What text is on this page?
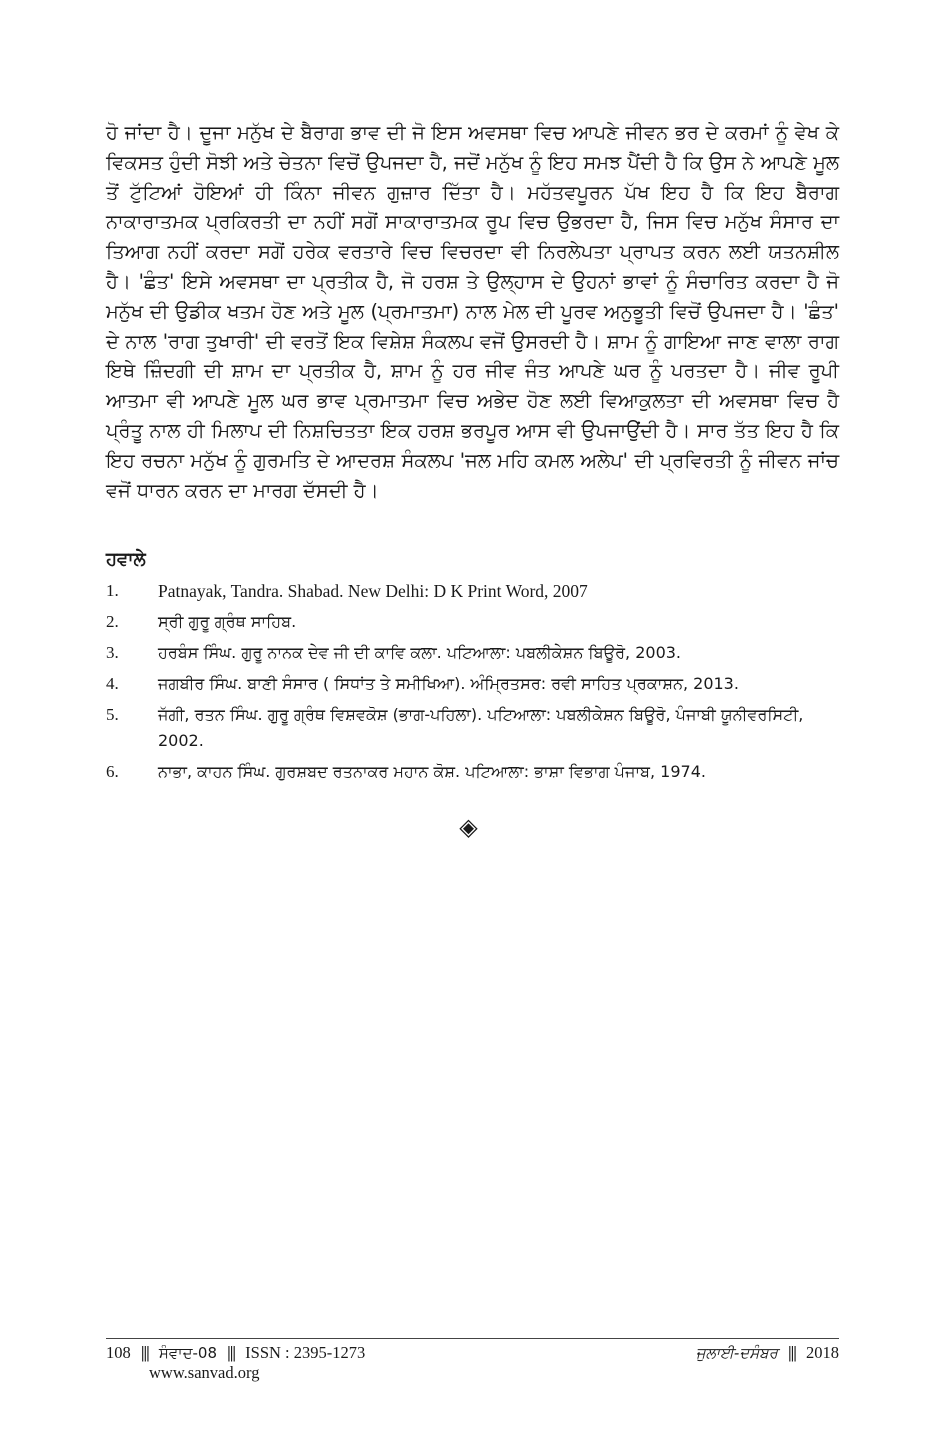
ਹੋ ਜਾਂਦਾ ਹੈ। ਦੂਜਾ ਮਨੁੱਖ ਦੇ ਬੈਰਾਗ ਭਾਵ ਦੀ ਜੋ ਇਸ ਅਵਸਥਾ ਵਿਚ ਆਪਣੇ ਜੀਵਨ ਭਰ ਦੇ ਕਰਮਾਂ ਨੂੰ ਵੇਖ ਕੇ ਵਿਕਸਤ ਹੁੰਦੀ ਸੋਝੀ ਅਤੇ ਚੇਤਨਾ ਵਿਚੋਂ ਉਪਜਦਾ ਹੈ, ਜਦੋਂ ਮਨੁੱਖ ਨੂੰ ਇਹ ਸਮਝ ਪੈਂਦੀ ਹੈ ਕਿ ਉਸ ਨੇ ਆਪਣੇ ਮੂਲ ਤੋਂ ਟੁੱਟਿਆਂ ਹੋਇਆਂ ਹੀ ਕਿੰਨਾ ਜੀਵਨ ਗੁਜ਼ਾਰ ਦਿੱਤਾ ਹੈ। ਮਹੱਤਵਪੂਰਨ ਪੱਖ ਇਹ ਹੈ ਕਿ ਇਹ ਬੈਰਾਗ ਨਾਕਾਰਾਤਮਕ ਪ੍ਰਕਿਰਤੀ ਦਾ ਨਹੀਂ ਸਗੋਂ ਸਾਕਾਰਾਤਮਕ ਰੂਪ ਵਿਚ ਉਭਰਦਾ ਹੈ, ਜਿਸ ਵਿਚ ਮਨੁੱਖ ਸੰਸਾਰ ਦਾ ਤਿਆਗ ਨਹੀਂ ਕਰਦਾ ਸਗੋਂ ਹਰੇਕ ਵਰਤਾਰੇ ਵਿਚ ਵਿਚਰਦਾ ਵੀ ਨਿਰਲੇਪਤਾ ਪ੍ਰਾਪਤ ਕਰਨ ਲਈ ਯਤਨਸ਼ੀਲ ਹੈ। 'ਛੰਤ' ਇਸੇ ਅਵਸਥਾ ਦਾ ਪ੍ਰਤੀਕ ਹੈ, ਜੋ ਹਰਸ਼ ਤੇ ਉਲ੍ਹਾਸ ਦੇ ਉਹਨਾਂ ਭਾਵਾਂ ਨੂੰ ਸੰਚਾਰਿਤ ਕਰਦਾ ਹੈ ਜੋ ਮਨੁੱਖ ਦੀ ਉਡੀਕ ਖਤਮ ਹੋਣ ਅਤੇ ਮੂਲ (ਪ੍ਰਮਾਤਮਾ) ਨਾਲ ਮੇਲ ਦੀ ਪੂਰਵ ਅਨੁਭੂਤੀ ਵਿਚੋਂ ਉਪਜਦਾ ਹੈ। 'ਛੰਤ' ਦੇ ਨਾਲ 'ਰਾਗ ਤੁਖਾਰੀ' ਦੀ ਵਰਤੋਂ ਇਕ ਵਿਸ਼ੇਸ਼ ਸੰਕਲਪ ਵਜੋਂ ਉਸਰਦੀ ਹੈ। ਸ਼ਾਮ ਨੂੰ ਗਾਇਆ ਜਾਣ ਵਾਲਾ ਰਾਗ ਇਥੇ ਜ਼ਿੰਦਗੀ ਦੀ ਸ਼ਾਮ ਦਾ ਪ੍ਰਤੀਕ ਹੈ, ਸ਼ਾਮ ਨੂੰ ਹਰ ਜੀਵ ਜੰਤ ਆਪਣੇ ਘਰ ਨੂੰ ਪਰਤਦਾ ਹੈ। ਜੀਵ ਰੂਪੀ ਆਤਮਾ ਵੀ ਆਪਣੇ ਮੂਲ ਘਰ ਭਾਵ ਪ੍ਰਮਾਤਮਾ ਵਿਚ ਅਭੇਦ ਹੋਣ ਲਈ ਵਿਆਕੁਲਤਾ ਦੀ ਅਵਸਥਾ ਵਿਚ ਹੈ ਪ੍ਰੰਤੂ ਨਾਲ ਹੀ ਮਿਲਾਪ ਦੀ ਨਿਸ਼ਚਿਤਤਾ ਇਕ ਹਰਸ਼ ਭਰਪੂਰ ਆਸ ਵੀ ਉਪਜਾਉਂਦੀ ਹੈ। ਸਾਰ ਤੱਤ ਇਹ ਹੈ ਕਿ ਇਹ ਰਚਨਾ ਮਨੁੱਖ ਨੂੰ ਗੁਰਮਤਿ ਦੇ ਆਦਰਸ਼ ਸੰਕਲਪ 'ਜਲ ਮਹਿ ਕਮਲ ਅਲੇਪ' ਦੀ ਪ੍ਰਵਿਰਤੀ ਨੂੰ ਜੀਵਨ ਜਾਂਚ ਵਜੋਂ ਧਾਰਨ ਕਰਨ ਦਾ ਮਾਰਗ ਦੱਸਦੀ ਹੈ।

ਹਵਾਲੇ
1.	Patnayak, Tandra. Shabad. New Delhi: D K Print Word, 2007
2.	ਸ੍ਰੀ ਗੁਰੂ ਗ੍ਰੰਥ ਸਾਹਿਬ.
3.	ਹਰਬੰਸ ਸਿੰਘ. ਗੁਰੂ ਨਾਨਕ ਦੇਵ ਜੀ ਦੀ ਕਾਵਿ ਕਲਾ. ਪਟਿਆਲਾ: ਪਬਲੀਕੇਸ਼ਨ ਬਿਊਰੋ, 2003.
4.	ਜਗਬੀਰ ਸਿੰਘ. ਬਾਣੀ ਸੰਸਾਰ ( ਸਿਧਾਂਤ ਤੇ ਸਮੀਖਿਆ). ਅੰਮ੍ਰਿਤਸਰ: ਰਵੀ ਸਾਹਿਤ ਪ੍ਰਕਾਸ਼ਨ, 2013.
5.	ਜੱਗੀ, ਰਤਨ ਸਿੰਘ. ਗੁਰੂ ਗ੍ਰੰਥ ਵਿਸ਼ਵਕੋਸ਼ (ਭਾਗ-ਪਹਿਲਾ). ਪਟਿਆਲਾ: ਪਬਲੀਕੇਸ਼ਨ ਬਿਊਰੋ, ਪੰਜਾਬੀ ਯੂਨੀਵਰਸਿਟੀ, 2002.
6.	ਨਾਭਾ, ਕਾਹਨ ਸਿੰਘ. ਗੁਰਸ਼ਬਦ ਰਤਨਾਕਰ ਮਹਾਨ ਕੋਸ਼. ਪਟਿਆਲਾ: ਭਾਸ਼ਾ ਵਿਭਾਗ ਪੰਜਾਬ, 1974.
◈
108 ||| ਸੰਵਾਦ-08 ||| ISSN : 2395-1273	ਜੁਲਾਈ-ਦਸੰਬਰ ||| 2018
www.sanvad.org
